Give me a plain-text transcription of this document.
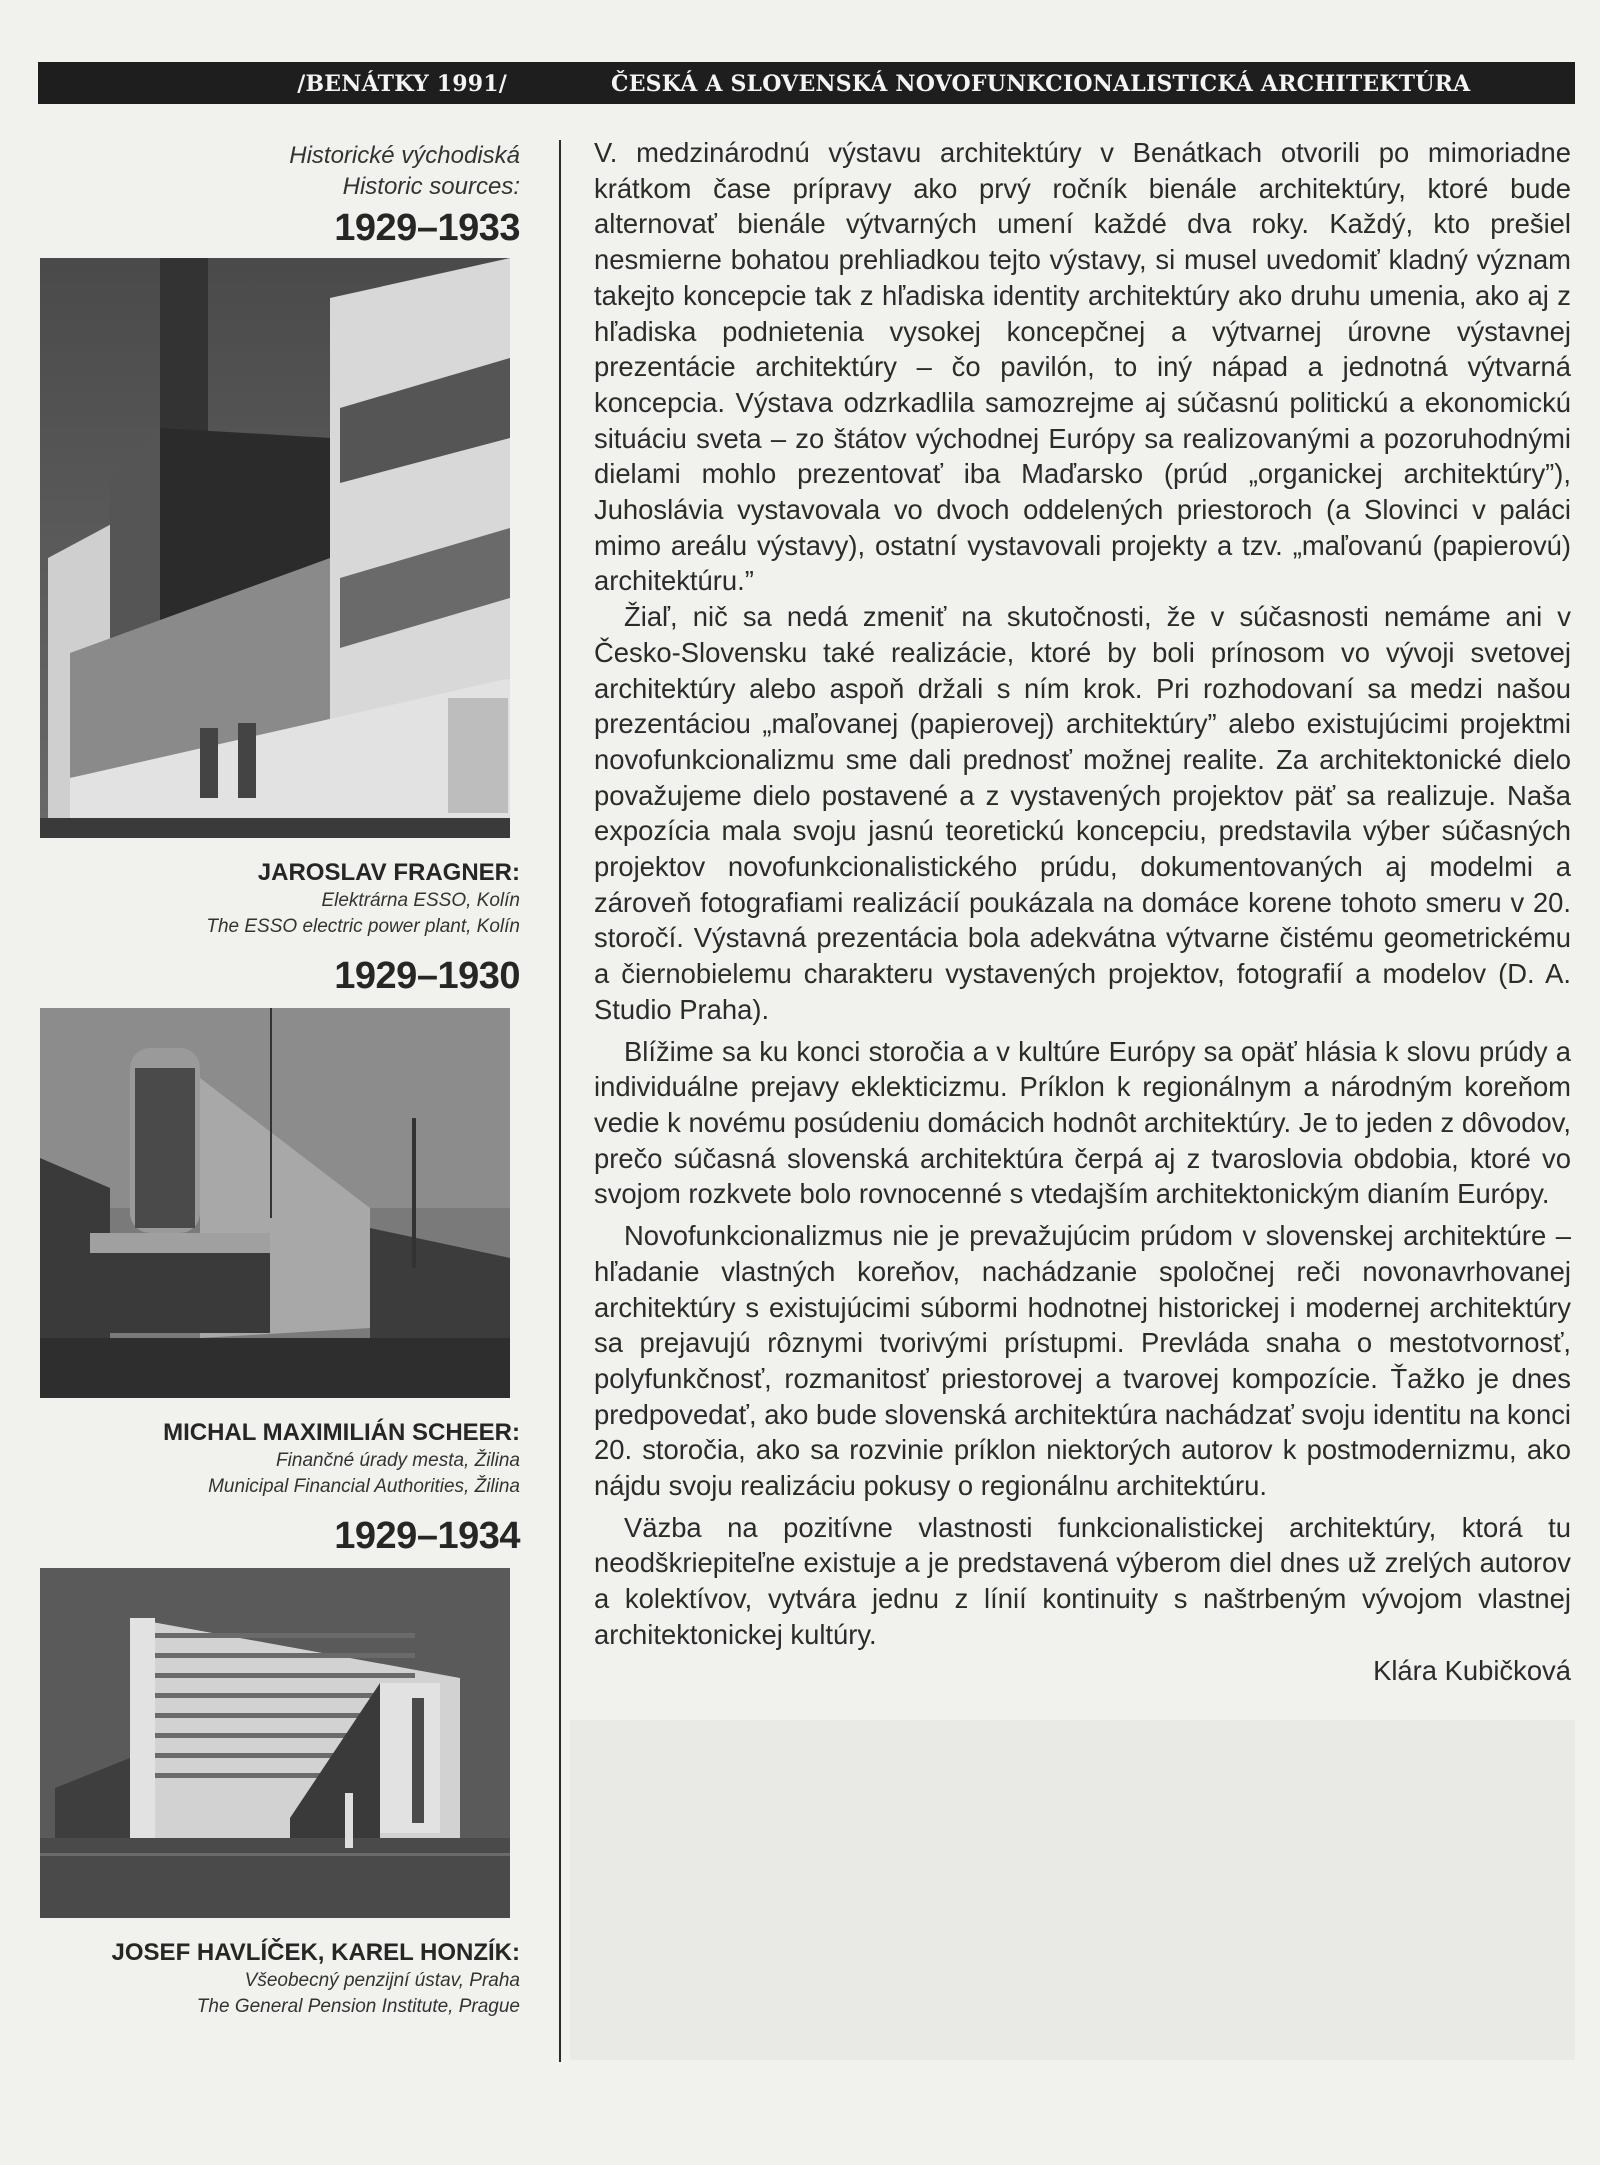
/BENÁTKY 1991/	ČESKÁ A SLOVENSKÁ NOVOFUNKCIONALISTICKÁ ARCHITEKTÚRA
Historické východiská
Historic sources:
1929–1933
JAROSLAV FRAGNER:
Elektrárna ESSO, Kolín
The ESSO electric power plant, Kolín
1929–1930
MICHAL MAXIMILIÁN SCHEER:
Finančné úrady mesta, Žilina
Municipal Financial Authorities, Žilina
1929–1934
JOSEF HAVLÍČEK, KAREL HONZÍK:
Všeobecný penzijní ústav, Praha
The General Pension Institute, Prague

V. medzinárodnú výstavu architektúry v Benátkach otvorili po mimoriadne krátkom čase prípravy ako prvý ročník bienále architektúry, ktoré bude alternovať bienále výtvarných umení každé dva roky. Každý, kto prešiel nesmierne bohatou prehliadkou tejto výstavy, si musel uvedomiť kladný význam takejto koncepcie tak z hľadiska identity architektúry ako druhu umenia, ako aj z hľadiska podnietenia vysokej koncepčnej a výtvarnej úrovne výstavnej prezentácie architektúry – čo pavilón, to iný nápad a jednotná výtvarná koncepcia. Výstava odzrkadlila samozrejme aj súčasnú politickú a ekonomickú situáciu sveta – zo štátov východnej Európy sa realizovanými a pozoruhodnými dielami mohlo prezentovať iba Maďarsko (prúd „organickej architektúry”), Juhoslávia vystavovala vo dvoch oddelených priestoroch (a Slovinci v paláci mimo areálu výstavy), ostatní vystavovali projekty a tzv. „maľovanú (papierovú) architektúru.”

Žiaľ, nič sa nedá zmeniť na skutočnosti, že v súčasnosti nemáme ani v Česko-Slovensku také realizácie, ktoré by boli prínosom vo vývoji svetovej architektúry alebo aspoň držali s ním krok. Pri rozhodovaní sa medzi našou prezentáciou „maľovanej (papierovej) architektúry” alebo existujúcimi projektmi novofunkcionalizmu sme dali prednosť možnej realite. Za architektonické dielo považujeme dielo postavené a z vystavených projektov päť sa realizuje. Naša expozícia mala svoju jasnú teoretickú koncepciu, predstavila výber súčasných projektov novofunkcionalistického prúdu, dokumentovaných aj modelmi a zároveň fotografiami realizácií poukázala na domáce korene tohoto smeru v 20. storočí. Výstavná prezentácia bola adekvátna výtvarne čistému geometrickému a čiernobielemu charakteru vystavených projektov, fotografií a modelov (D. A. Studio Praha).

Blížime sa ku konci storočia a v kultúre Európy sa opäť hlásia k slovu prúdy a individuálne prejavy eklekticizmu. Príklon k regionálnym a národným koreňom vedie k novému posúdeniu domácich hodnôt architektúry. Je to jeden z dôvodov, prečo súčasná slovenská architektúra čerpá aj z tvaroslovia obdobia, ktoré vo svojom rozkvete bolo rovnocenné s vtedajším architektonickým dianím Európy.

Novofunkcionalizmus nie je prevažujúcim prúdom v slovenskej architektúre – hľadanie vlastných koreňov, nachádzanie spoločnej reči novonavrhovanej architektúry s existujúcimi súbormi hodnotnej historickej i modernej architektúry sa prejavujú rôznymi tvorivými prístupmi. Prevláda snaha o mestotvornosť, polyfunkčnosť, rozmanitosť priestorovej a tvarovej kompozície. Ťažko je dnes predpovedať, ako bude slovenská architektúra nachádzať svoju identitu na konci 20. storočia, ako sa rozvinie príklon niektorých autorov k postmodernizmu, ako nájdu svoju realizáciu pokusy o regionálnu architektúru.

Väzba na pozitívne vlastnosti funkcionalistickej architektúry, ktorá tu neodškriepiteľne existuje a je predstavená výberom diel dnes už zrelých autorov a kolektívov, vytvára jednu z línií kontinuity s naštrbeným vývojom vlastnej architektonickej kultúry.

Klára Kubičková
